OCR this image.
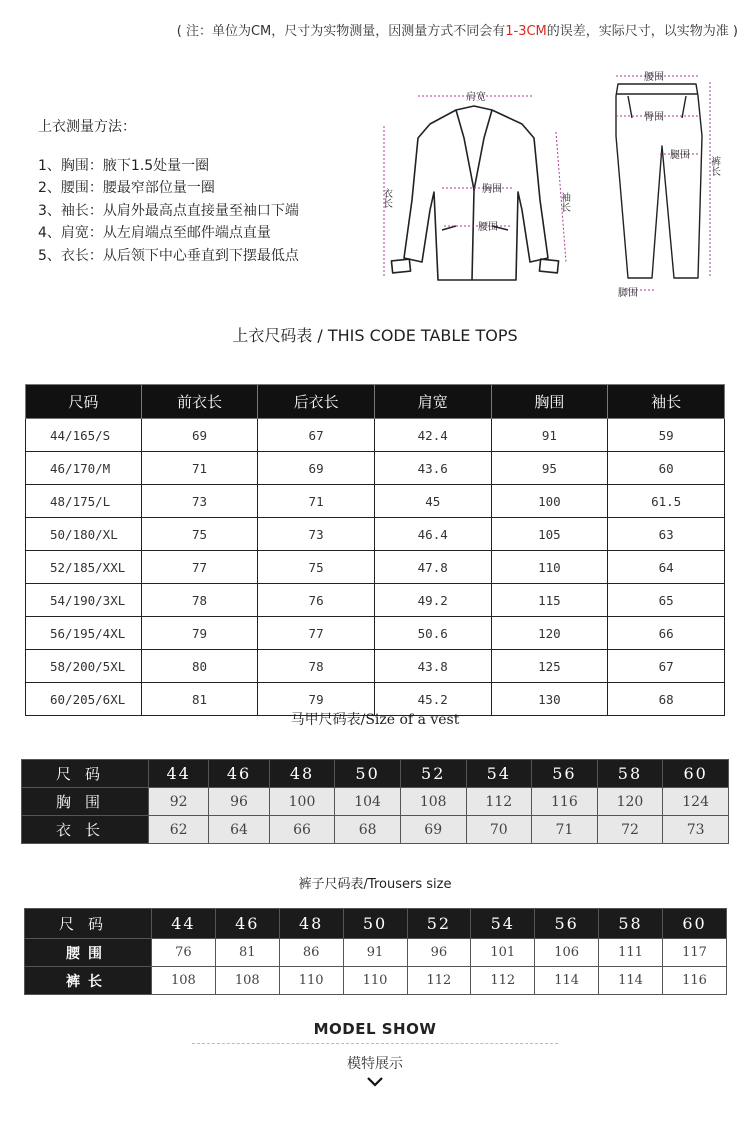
( 注：单位为CM，尺寸为实物测量，因测量方式不同会有1-3CM的误差，实际尺寸，以实物为准 )
上衣测量方法：
1、胸围：腋下1.5处量一圈
2、腰围：腰最窄部位量一圈
3、袖长：从肩外最高点直接量至袖口下端
4、肩宽：从左肩端点至邮件端点直量
5、衣长：从后领下中心垂直到下摆最低点
肩宽
胸围
腰围
衣长	袖长
腰围
臀围
腿围
裤长
脚围
上衣尺码表 / THIS CODE TABLE TOPS
尺码	前衣长	后衣长	肩宽	胸围	袖长
44/165/S	69	67	42.4	91	59
46/170/M	71	69	43.6	95	60
48/175/L	73	71	45	100	61.5
50/180/XL	75	73	46.4	105	63
52/185/XXL	77	75	47.8	110	64
54/190/3XL	78	76	49.2	115	65
56/195/4XL	79	77	50.6	120	66
58/200/5XL	80	78	43.8	125	67
60/205/6XL	81	79	45.2	130	68
马甲尺码表/Size of a vest
尺码	44	46	48	50	52	54	56	58	60
胸围	92	96	100	104	108	112	116	120	124
衣长	62	64	66	68	69	70	71	72	73
裤子尺码表/Trousers size
尺码	44	46	48	50	52	54	56	58	60
腰围	76	81	86	91	96	101	106	111	117
裤长	108	108	110	110	112	112	114	114	116
MODEL SHOW
模特展示
